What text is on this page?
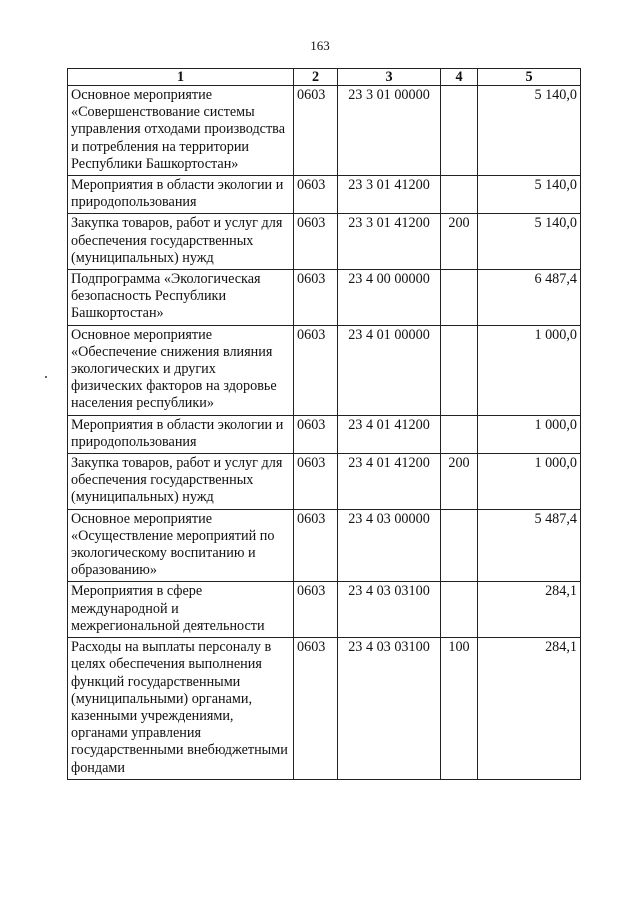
163
1	2	3	4	5
Основное мероприятие «Совершенствование системы управления отходами производства и потребления на территории Республики Башкортостан»	0603	23 3 01 00000		5 140,0
Мероприятия в области экологии и природопользования	0603	23 3 01 41200		5 140,0
Закупка товаров, работ и услуг для обеспечения государственных (муниципальных) нужд	0603	23 3 01 41200	200	5 140,0
Подпрограмма «Экологическая безопасность Республики Башкортостан»	0603	23 4 00 00000		6 487,4
Основное мероприятие «Обеспечение снижения влияния экологических и других физических факторов на здоровье населения республики»	0603	23 4 01 00000		1 000,0
Мероприятия в области экологии и природопользования	0603	23 4 01 41200		1 000,0
Закупка товаров, работ и услуг для обеспечения государственных (муниципальных) нужд	0603	23 4 01 41200	200	1 000,0
Основное мероприятие «Осуществление мероприятий по экологическому воспитанию и образованию»	0603	23 4 03 00000		5 487,4
Мероприятия в сфере международной и межрегиональной деятельности	0603	23 4 03 03100		284,1
Расходы на выплаты персоналу в целях обеспечения выполнения функций государственными (муниципальными) органами, казенными учреждениями, органами управления государственными внебюджетными фондами	0603	23 4 03 03100	100	284,1
